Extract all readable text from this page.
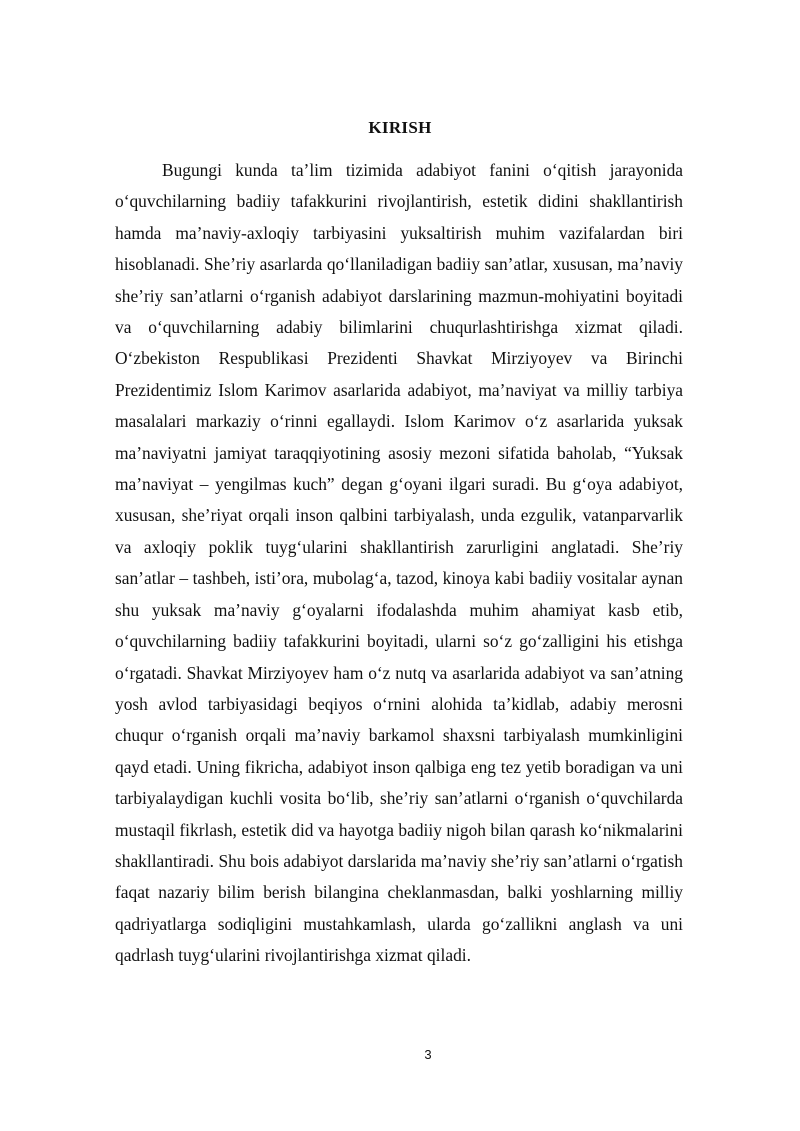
KIRISH

Bugungi kunda ta’lim tizimida adabiyot fanini o‘qitish jarayonida o‘quvchilarning badiiy tafakkurini rivojlantirish, estetik didini shakllantirish hamda ma’naviy-axloqiy tarbiyasini yuksaltirish muhim vazifalardan biri hisoblanadi. She’riy asarlarda qo‘llaniladigan badiiy san’atlar, xususan, ma’naviy she’riy san’atlarni o‘rganish adabiyot darslarining mazmun-mohiyatini boyitadi va o‘quvchilarning adabiy bilimlarini chuqurlashtirishga xizmat qiladi. O‘zbekiston Respublikasi Prezidenti Shavkat Mirziyoyev va Birinchi Prezidentimiz Islom Karimov asarlarida adabiyot, ma’naviyat va milliy tarbiya masalalari markaziy o‘rinni egallaydi. Islom Karimov o‘z asarlarida yuksak ma’naviyatni jamiyat taraqqiyotining asosiy mezoni sifatida baholab, “Yuksak ma’naviyat – yengilmas kuch” degan g‘oyani ilgari suradi. Bu g‘oya adabiyot, xususan, she’riyat orqali inson qalbini tarbiyalash, unda ezgulik, vatanparvarlik va axloqiy poklik tuyg‘ularini shakllantirish zarurligini anglatadi. She’riy san’atlar – tashbeh, isti’ora, mubolag‘a, tazod, kinoya kabi badiiy vositalar aynan shu yuksak ma’naviy g‘oyalarni ifodalashda muhim ahamiyat kasb etib, o‘quvchilarning badiiy tafakkurini boyitadi, ularni so‘z go‘zalligini his etishga o‘rgatadi. Shavkat Mirziyoyev ham o‘z nutq va asarlarida adabiyot va san’atning yosh avlod tarbiyasidagi beqiyos o‘rnini alohida ta’kidlab, adabiy merosni chuqur o‘rganish orqali ma’naviy barkamol shaxsni tarbiyalash mumkinligini qayd etadi. Uning fikricha, adabiyot inson qalbiga eng tez yetib boradigan va uni tarbiyalaydigan kuchli vosita bo‘lib, she’riy san’atlarni o‘rganish o‘quvchilarda mustaqil fikrlash, estetik did va hayotga badiiy nigoh bilan qarash ko‘nikmalarini shakllantiradi. Shu bois adabiyot darslarida ma’naviy she’riy san’atlarni o‘rgatish faqat nazariy bilim berish bilangina cheklanmasdan, balki yoshlarning milliy qadriyatlarga sodiqligini mustahkamlash, ularda go‘zallikni anglash va uni qadrlash tuyg‘ularini rivojlantirishga xizmat qiladi.

3
